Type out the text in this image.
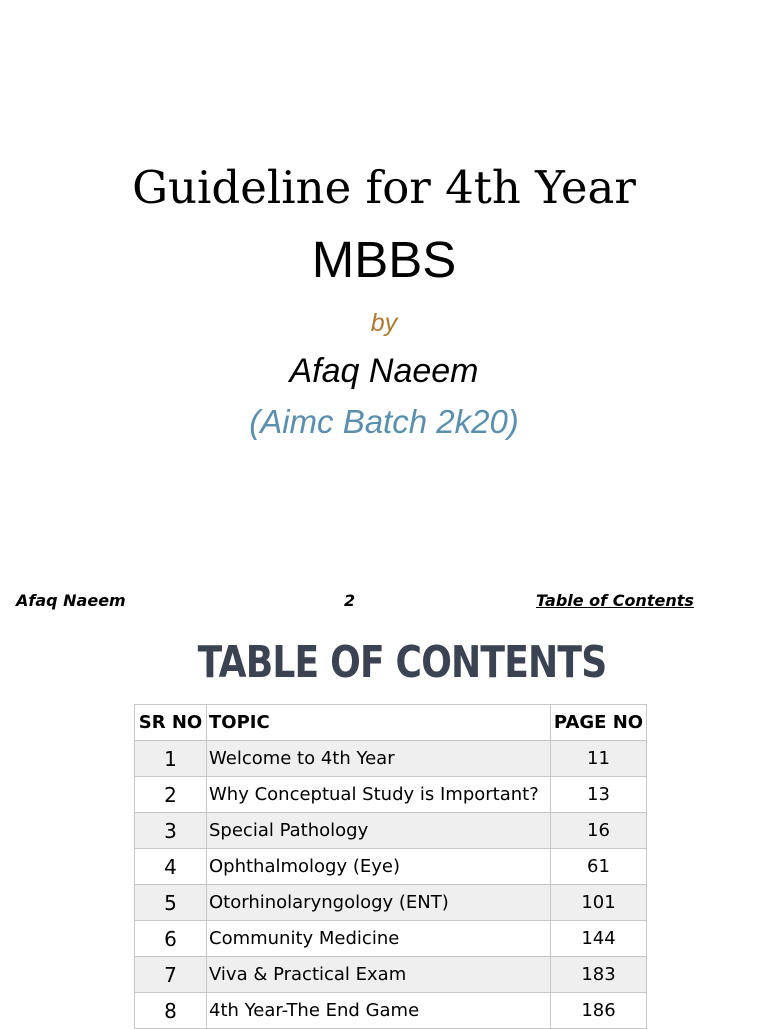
Guideline for 4th Year
MBBS
by
Afaq Naeem
(Aimc Batch 2k20)
Afaq Naeem	2	Table of Contents
TABLE OF CONTENTS
SR NO	TOPIC	PAGE NO
1	Welcome to 4th Year	11
2	Why Conceptual Study is Important?	13
3	Special Pathology	16
4	Ophthalmology (Eye)	61
5	Otorhinolaryngology (ENT)	101
6	Community Medicine	144
7	Viva & Practical Exam	183
8	4th Year-The End Game	186
